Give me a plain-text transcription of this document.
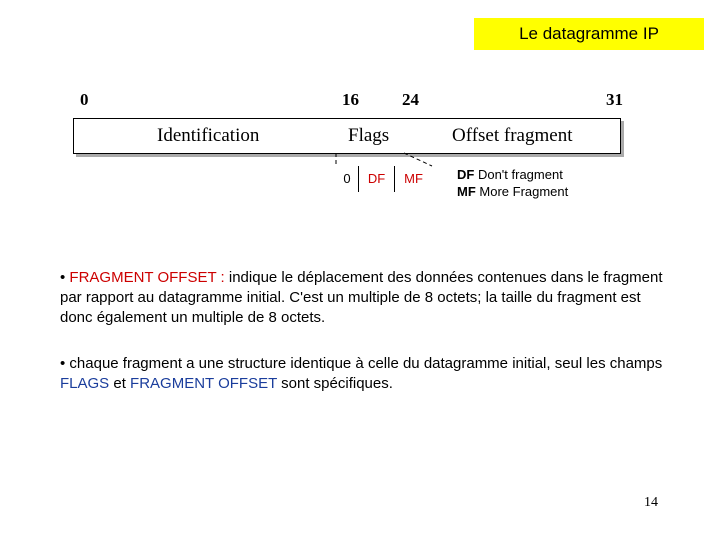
Le datagramme IP
0	16	24	31
Identification	Flags	Offset fragment
0	DF	MF	DF Don't fragment
MF More Fragment
• FRAGMENT OFFSET : indique le déplacement des données contenues dans le fragment par rapport au datagramme initial. C'est un multiple de 8 octets; la taille du fragment est donc également un multiple de 8 octets.
• chaque fragment a une structure identique à celle du datagramme initial, seul les champs FLAGS et FRAGMENT OFFSET sont spécifiques.
14
